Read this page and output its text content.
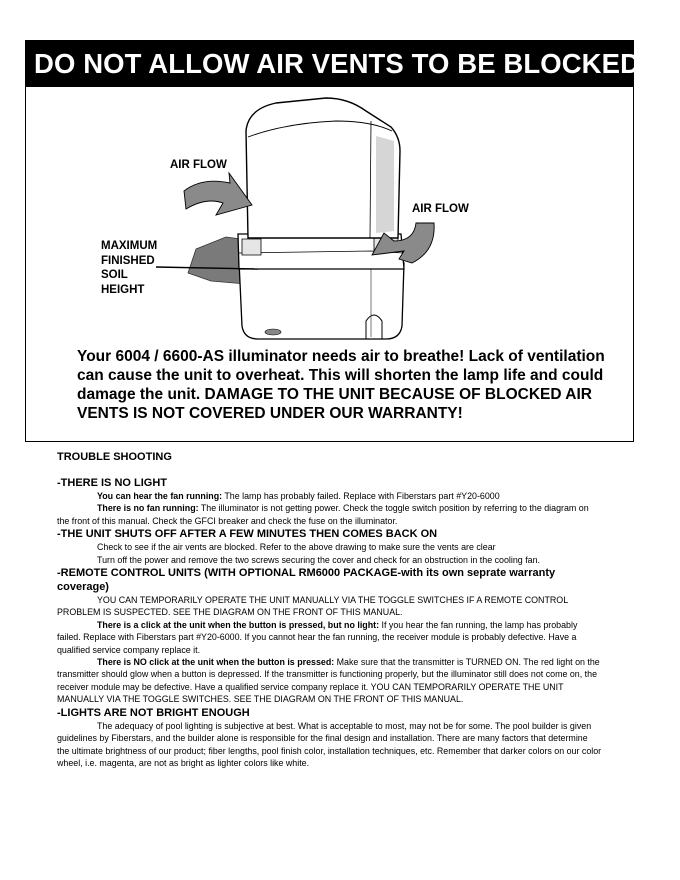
DO NOT ALLOW AIR VENTS TO BE BLOCKED!
AIR FLOW
AIR FLOW
MAXIMUM
FINISHED
SOIL
HEIGHT
Your 6004 / 6600-AS illuminator needs air to breathe! Lack of ventilation can cause the unit to overheat. This will shorten the lamp life and could damage the unit. DAMAGE TO THE UNIT BECAUSE OF BLOCKED AIR VENTS IS NOT COVERED UNDER OUR WARRANTY!

TROUBLE SHOOTING

-THERE IS NO LIGHT

You can hear the fan running: The lamp has probably failed. Replace with Fiberstars part #Y20-6000

There is no fan running: The illuminator is not getting power. Check the toggle switch position by referring to the diagram on the front of this manual. Check the GFCI breaker and check the fuse on the illuminator.

-THE UNIT SHUTS OFF AFTER A FEW MINUTES THEN COMES BACK ON

Check to see if the air vents are blocked. Refer to the above drawing to make sure the vents are clear

Turn off the power and remove the two screws securing the cover and check for an obstruction in the cooling fan.

-REMOTE CONTROL UNITS (WITH OPTIONAL RM6000 PACKAGE-with its own seprate warranty coverage)

YOU CAN TEMPORARILY OPERATE THE UNIT MANUALLY VIA THE TOGGLE SWITCHES IF A REMOTE CONTROL PROBLEM IS SUSPECTED. SEE THE DIAGRAM ON THE FRONT OF THIS MANUAL.

There is a click at the unit when the button is pressed, but no light: If you hear the fan running, the lamp has probably failed. Replace with Fiberstars part #Y20-6000. If you cannot hear the fan running, the receiver module is probably defective. Have a qualified service company replace it.

There is NO click at the unit when the button is pressed: Make sure that the transmitter is TURNED ON. The red light on the transmitter should glow when a button is depressed. If the transmitter is functioning properly, but the illuminator still does not come on, the receiver module may be defective. Have a qualified service company replace it. YOU CAN TEMPORARILY OPERATE THE UNIT MANUALLY VIA THE TOGGLE SWITCHES. SEE THE DIAGRAM ON THE FRONT OF THIS MANUAL.

-LIGHTS ARE NOT BRIGHT ENOUGH

The adequacy of pool lighting is subjective at best. What is acceptable to most, may not be for some. The pool builder is given guidelines by Fiberstars, and the builder alone is responsible for the final design and installation. There are many factors that determine the ultimate brightness of our product; fiber lengths, pool finish color, installation techniques, etc. Remember that darker colors on our color wheel, i.e. magenta, are not as bright as lighter colors like white.
